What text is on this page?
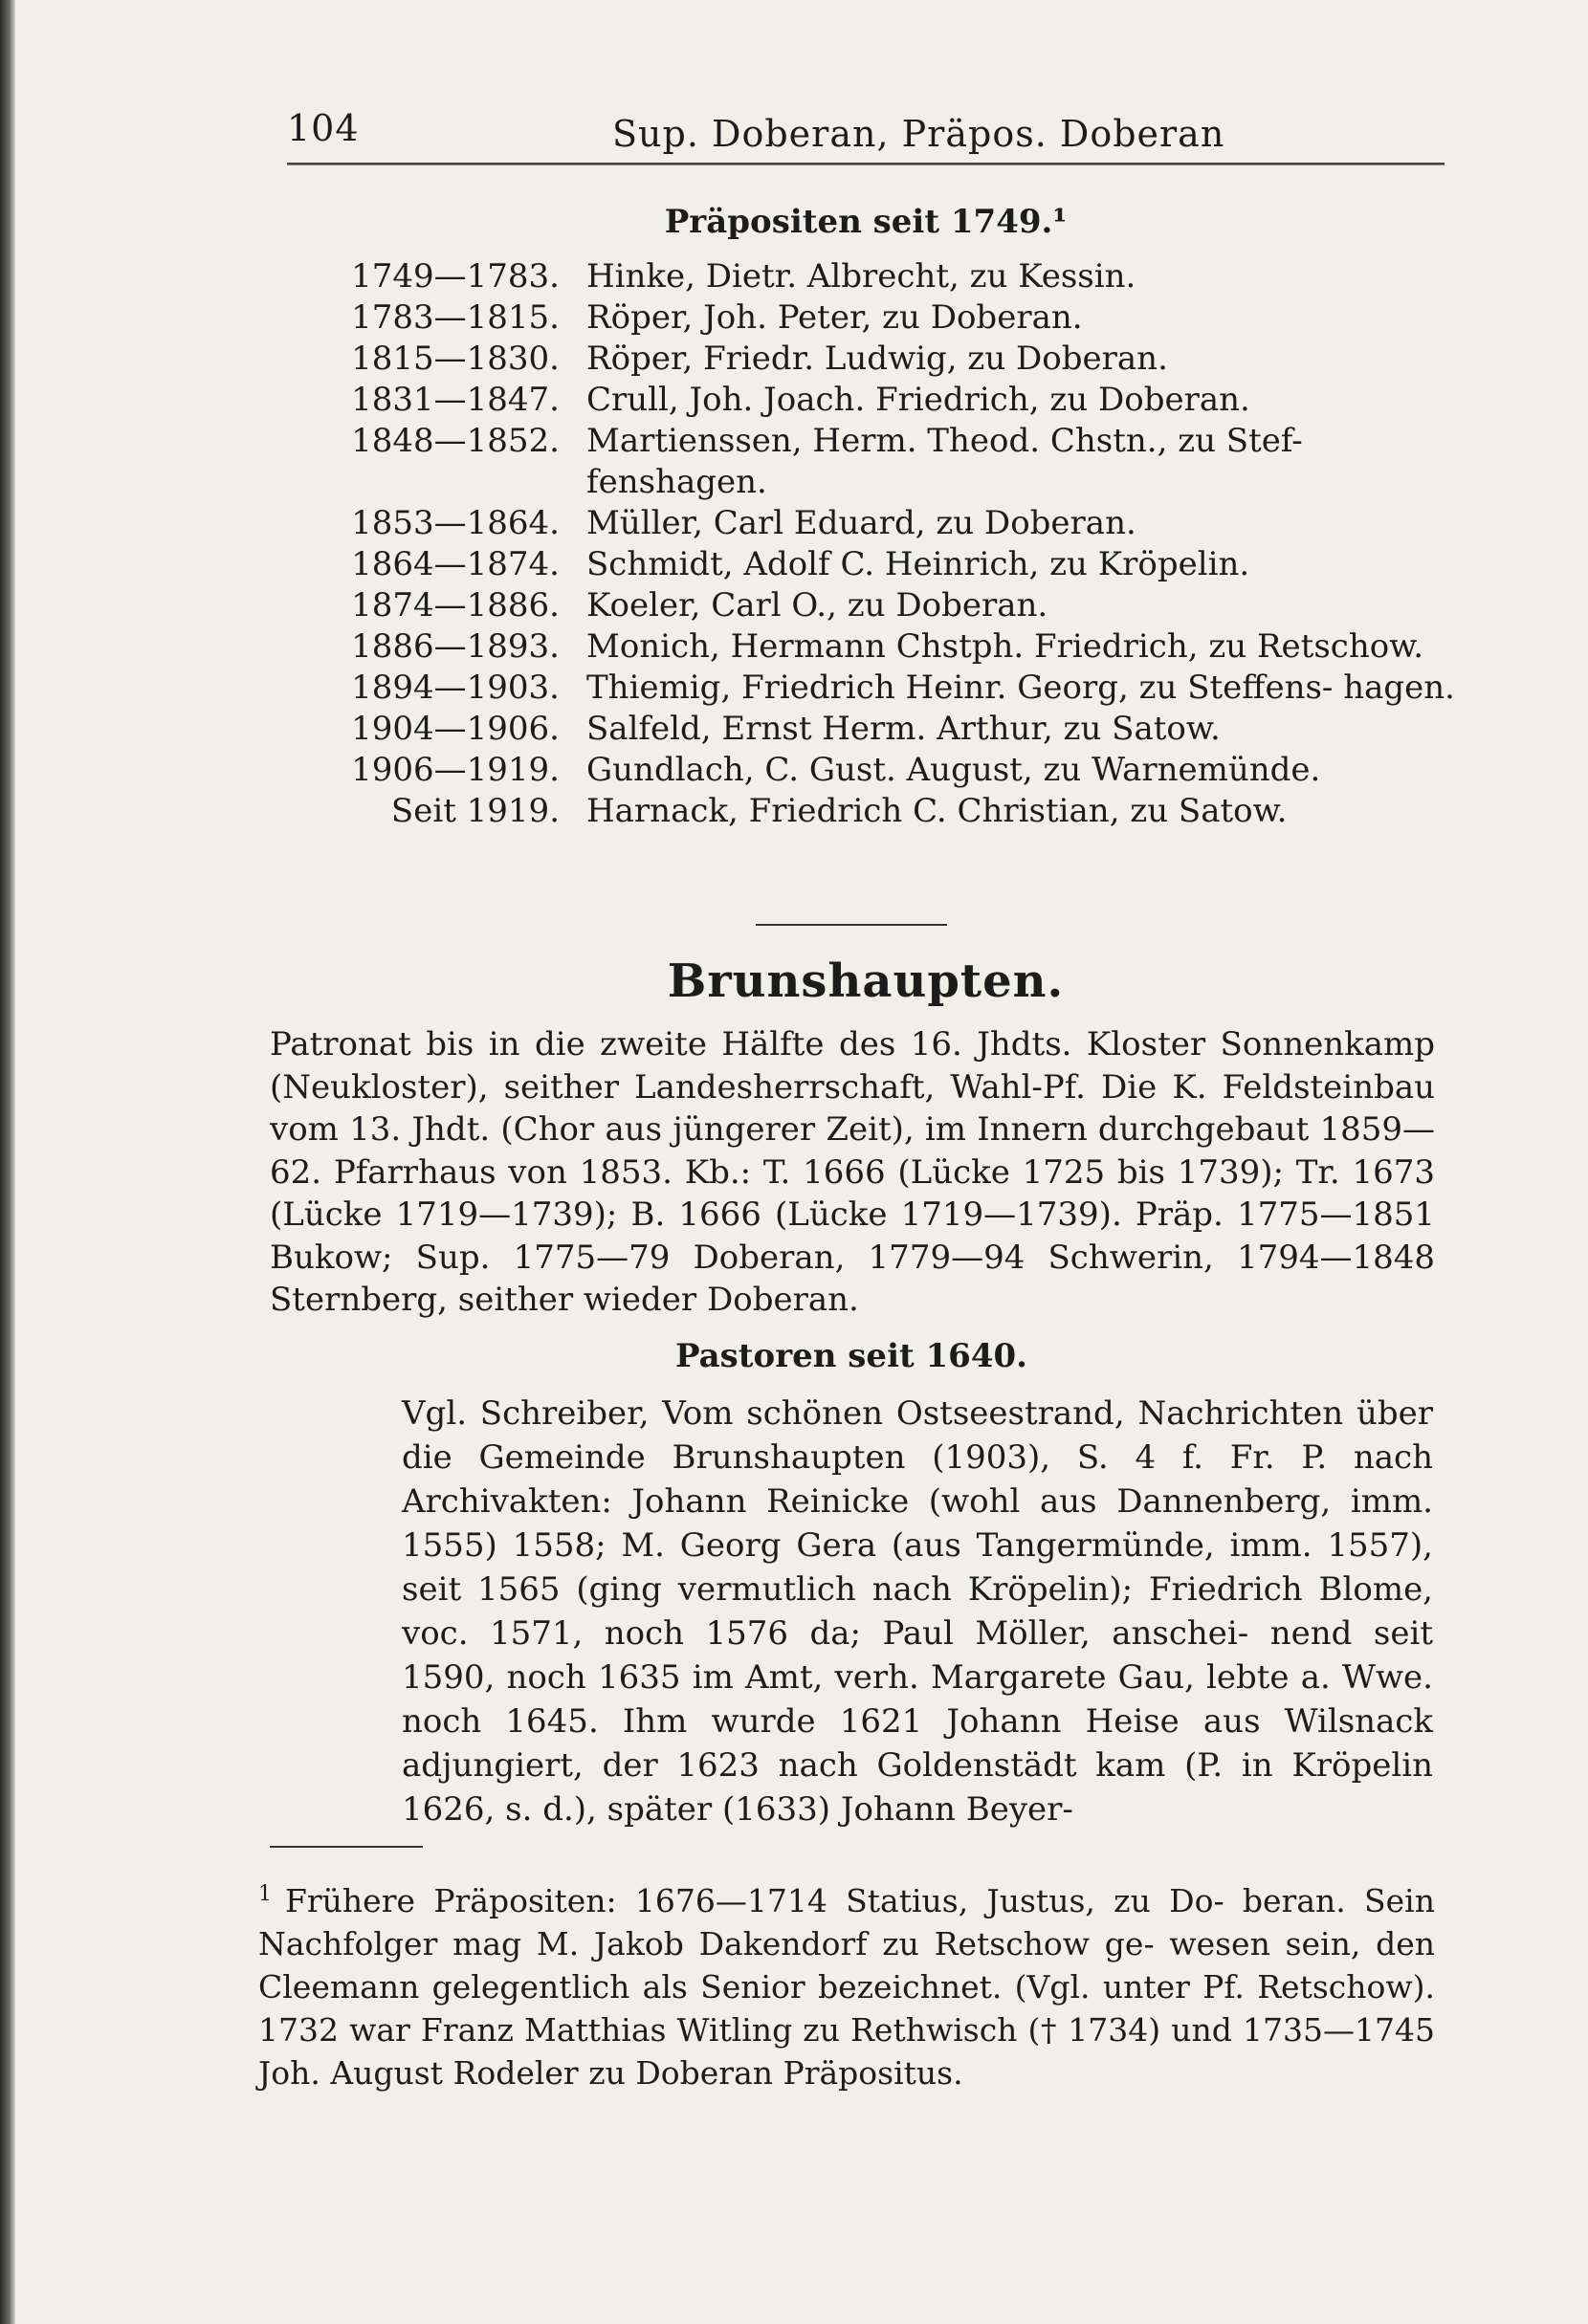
104	Sup. Doberan, Präpos. Doberan
Präpositen seit 1749.¹
1749—1783. Hinke, Dietr. Albrecht, zu Kessin.
1783—1815. Röper, Joh. Peter, zu Doberan.
1815—1830. Röper, Friedr. Ludwig, zu Doberan.
1831—1847. Crull, Joh. Joach. Friedrich, zu Doberan.
1848—1852. Martienssen, Herm. Theod. Chstn., zu Stef- fenshagen.
1853—1864. Müller, Carl Eduard, zu Doberan.
1864—1874. Schmidt, Adolf C. Heinrich, zu Kröpelin.
1874—1886. Koeler, Carl O., zu Doberan.
1886—1893. Monich, Hermann Chstph. Friedrich, zu Retschow.
1894—1903. Thiemig, Friedrich Heinr. Georg, zu Steffens- hagen.
1904—1906. Salfeld, Ernst Herm. Arthur, zu Satow.
1906—1919. Gundlach, C. Gust. August, zu Warnemünde.
Seit 1919. Harnack, Friedrich C. Christian, zu Satow.
Brunshaupten.

Patronat bis in die zweite Hälfte des 16. Jhdts. Kloster Sonnenkamp (Neukloster), seither Landesherrschaft, Wahl-Pf. Die K. Feldsteinbau vom 13. Jhdt. (Chor aus jüngerer Zeit), im Innern durchgebaut 1859—62. Pfarrhaus von 1853. Kb.: T. 1666 (Lücke 1725 bis 1739); Tr. 1673 (Lücke 1719—1739); B. 1666 (Lücke 1719—1739). Präp. 1775—1851 Bukow; Sup. 1775—79 Doberan, 1779—94 Schwerin, 1794—1848 Sternberg, seither wieder Doberan.

Pastoren seit 1640.

Vgl. Schreiber, Vom schönen Ostseestrand, Nachrichten über die Gemeinde Brunshaupten (1903), S. 4 f. Fr. P. nach Archivakten: Johann Reinicke (wohl aus Dannenberg, imm. 1555) 1558; M. Georg Gera (aus Tangermünde, imm. 1557), seit 1565 (ging vermutlich nach Kröpelin); Friedrich Blome, voc. 1571, noch 1576 da; Paul Möller, anschei- nend seit 1590, noch 1635 im Amt, verh. Margarete Gau, lebte a. Wwe. noch 1645. Ihm wurde 1621 Johann Heise aus Wilsnack adjungiert, der 1623 nach Goldenstädt kam (P. in Kröpelin 1626, s. d.), später (1633) Johann Beyer-

$^1$ Frühere Präpositen: 1676—1714 Statius, Justus, zu Do- beran. Sein Nachfolger mag M. Jakob Dakendorf zu Retschow ge- wesen sein, den Cleemann gelegentlich als Senior bezeichnet. (Vgl. unter Pf. Retschow). 1732 war Franz Matthias Witling zu Rethwisch († 1734) und 1735—1745 Joh. August Rodeler zu Doberan Präpositus.
